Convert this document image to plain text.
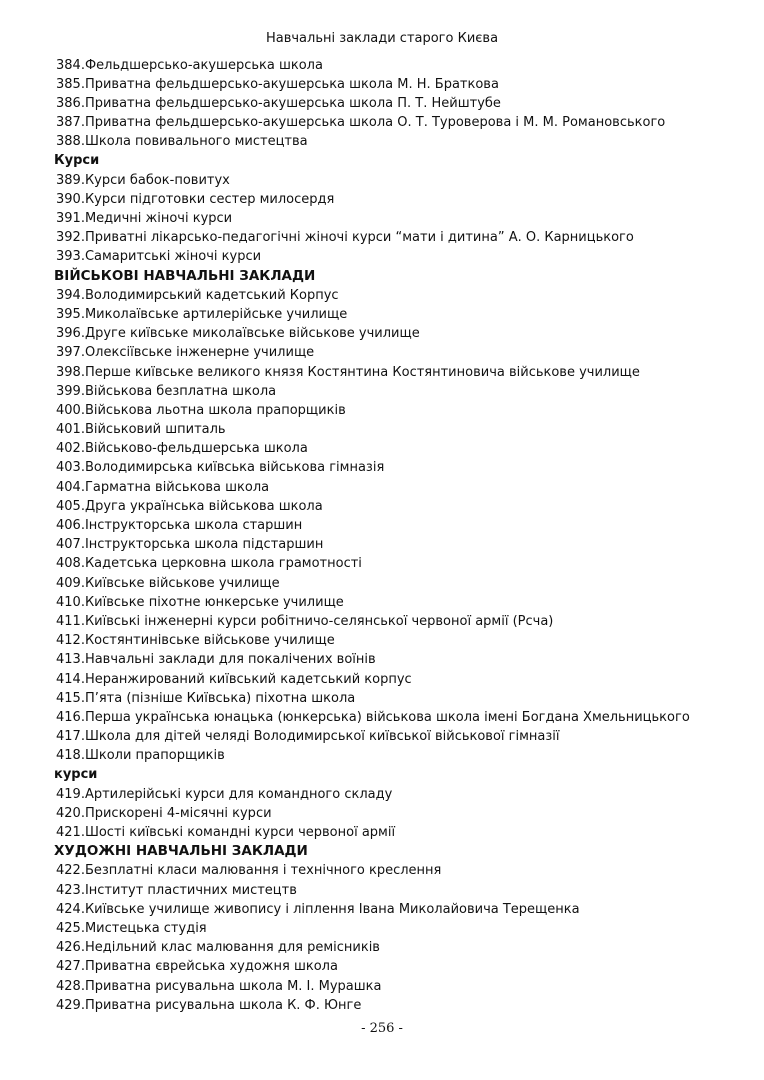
Навчальні заклади старого Києва
384.Фельдшерсько-акушерська школа
385.Приватна фельдшерсько-акушерська школа М. Н. Браткова
386.Приватна фельдшерсько-акушерська школа П. Т. Нейштубе
387.Приватна фельдшерсько-акушерська школа О. Т. Туроверова і М. М. Романовського
388.Школа повивального мистецтва
Курси
389.Курси бабок-повитух
390.Курси підготовки сестер милосердя
391.Медичні жіночі курси
392.Приватні лікарсько-педагогічні жіночі курси “мати і дитина” А. О. Карницького
393.Самаритські жіночі курси
ВІЙСЬКОВІ НАВЧАЛЬНІ ЗАКЛАДИ
394.Володимирський кадетський Корпус
395.Миколаївське артилерійське училище
396.Друге київське миколаївське військове училище
397.Олексіївське інженерне училище
398.Перше київське великого князя Костянтина Костянтиновича військове училище
399.Військова безплатна школа
400.Військова льотна школа прапорщиків
401.Військовий шпиталь
402.Військово-фельдшерська школа
403.Володимирська київська військова гімназія
404.Гарматна військова школа
405.Друга українська військова школа
406.Інструкторська школа старшин
407.Інструкторська школа підстаршин
408.Кадетська церковна школа грамотності
409.Київське військове училище
410.Київське піхотне юнкерське училище
411.Київські інженерні курси робітничо-селянської червоної армії (Рсча)
412.Костянтинівське військове училище
413.Навчальні заклади для покалічених воїнів
414.Неранжирований київський кадетський корпус
415.П’ята (пізніше Київська) піхотна школа
416.Перша українська юнацька (юнкерська) військова школа імені Богдана Хмельницького
417.Школа для дітей челяді Володимирської київської військової гімназії
418.Школи прапорщиків
курси
419.Артилерійські курси для командного складу
420.Прискорені 4-місячні курси
421.Шості київські командні курси червоної армії
ХУДОЖНІ НАВЧАЛЬНІ ЗАКЛАДИ
422.Безплатні класи малювання і технічного креслення
423.Інститут пластичних мистецтв
424.Київське училище живопису і ліплення Івана Миколайовича Терещенка
425.Мистецька студія
426.Недільний клас малювання для ремісників
427.Приватна єврейська художня школа
428.Приватна рисувальна школа М. І. Мурашка
429.Приватна рисувальна школа К. Ф. Юнге
- 256 -
